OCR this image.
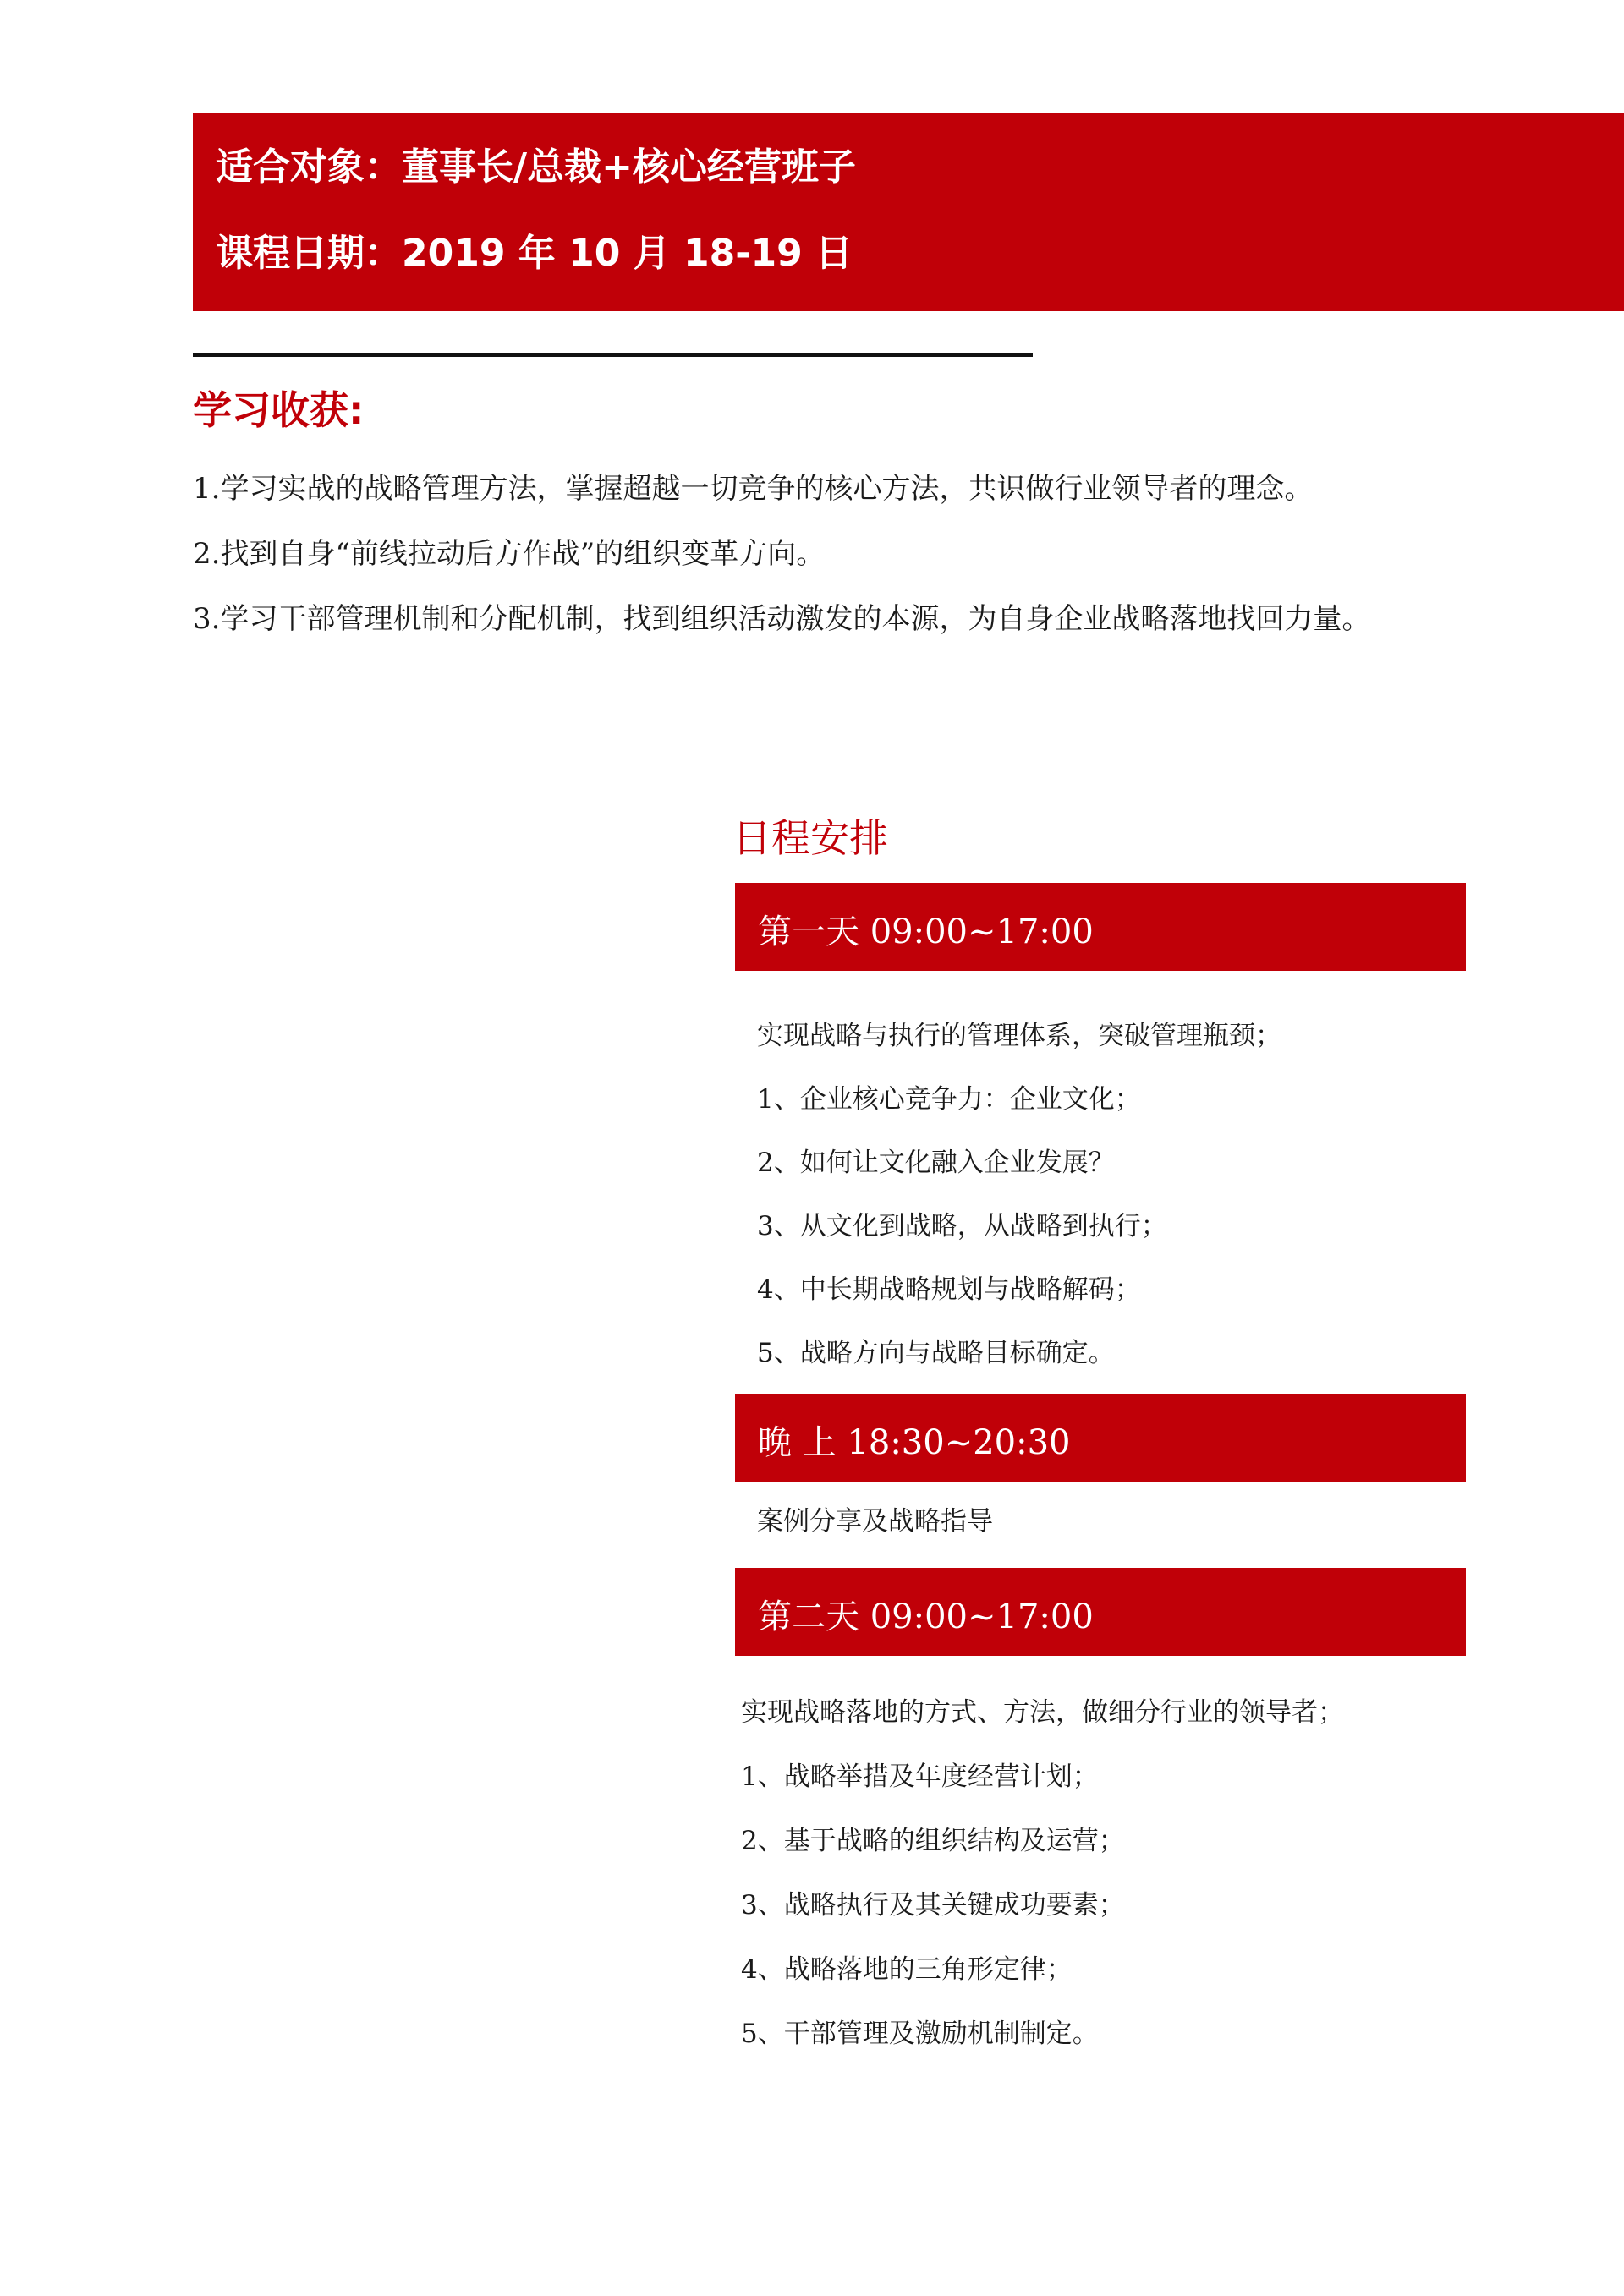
适合对象：董事长/总裁+核心经营班子
课程日期：2019 年 10 月 18-19 日
学习收获:
1.学习实战的战略管理方法，掌握超越一切竞争的核心方法，共识做行业领导者的理念。
2.找到自身“前线拉动后方作战”的组织变革方向。
3.学习干部管理机制和分配机制，找到组织活动激发的本源，为自身企业战略落地找回力量。
日程安排
第一天 09:00~17:00
实现战略与执行的管理体系，突破管理瓶颈；
1、企业核心竞争力：企业文化；
2、如何让文化融入企业发展？
3、从文化到战略，从战略到执行；
4、中长期战略规划与战略解码；
5、战略方向与战略目标确定。
晚 上 18:30~20:30
案例分享及战略指导
第二天 09:00~17:00
实现战略落地的方式、方法，做细分行业的领导者；
1、战略举措及年度经营计划；
2、基于战略的组织结构及运营；
3、战略执行及其关键成功要素；
4、战略落地的三角形定律；
5、干部管理及激励机制制定。
